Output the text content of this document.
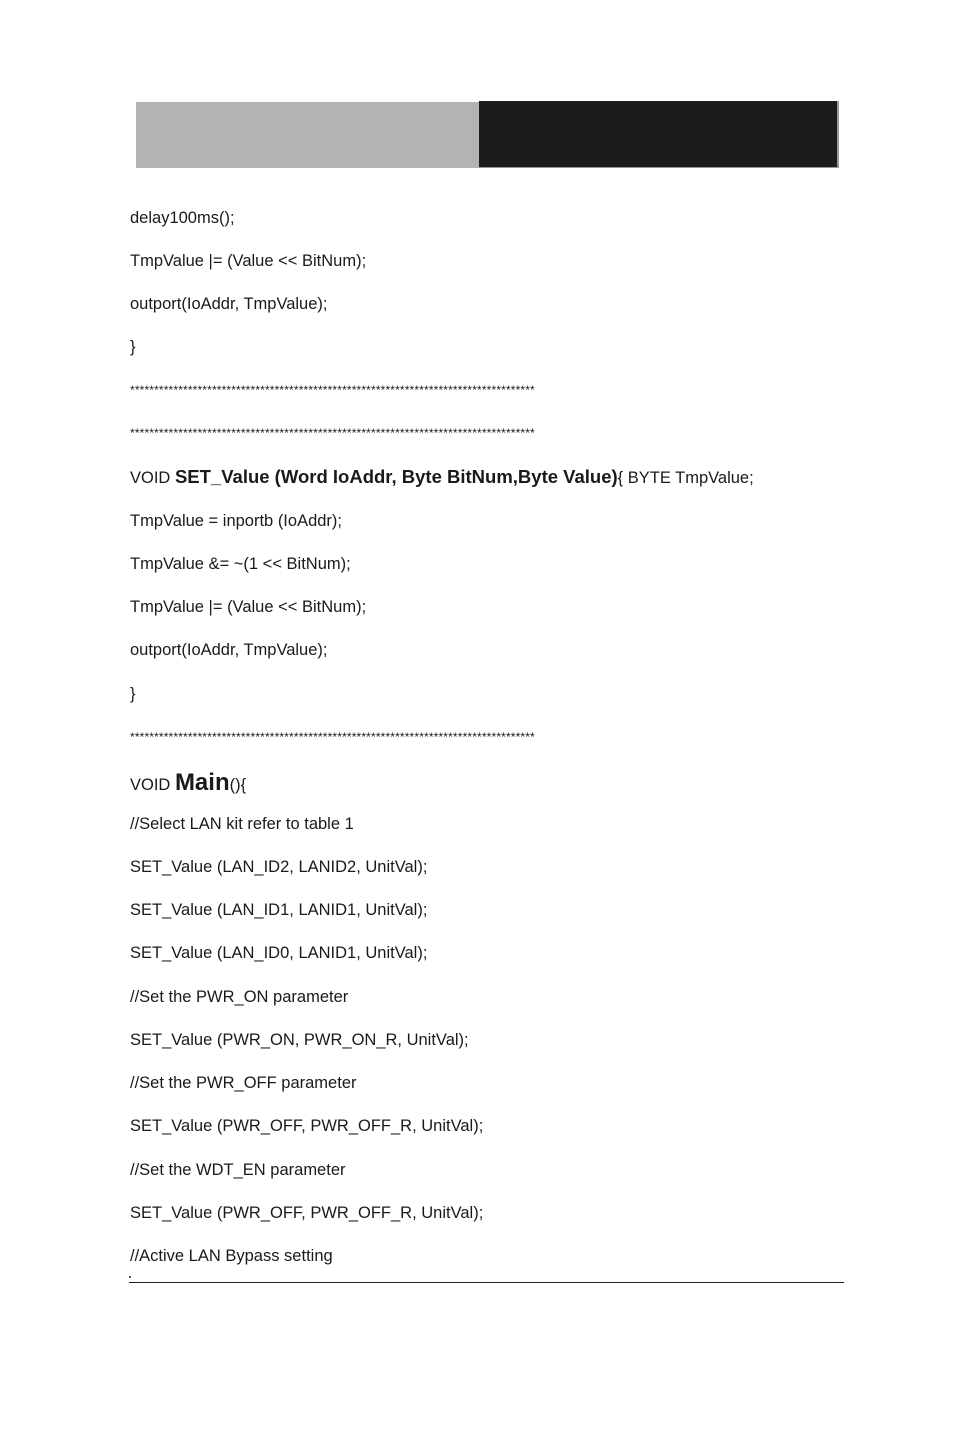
delay100ms();
TmpValue |= (Value << BitNum);
outport(IoAddr, TmpValue);
}
************************************************************************************
************************************************************************************
VOID SET_Value (Word IoAddr, Byte BitNum,Byte Value){ BYTE TmpValue;
TmpValue = inportb (IoAddr);
TmpValue &= ~(1 << BitNum);
TmpValue |= (Value << BitNum);
outport(IoAddr, TmpValue);
}
************************************************************************************
VOID Main(){
//Select LAN kit refer to table 1
SET_Value (LAN_ID2, LANID2, UnitVal);
SET_Value (LAN_ID1, LANID1, UnitVal);
SET_Value (LAN_ID0, LANID1, UnitVal);
//Set the PWR_ON parameter
SET_Value (PWR_ON, PWR_ON_R, UnitVal);
//Set the PWR_OFF parameter
SET_Value (PWR_OFF, PWR_OFF_R, UnitVal);
//Set the WDT_EN parameter
SET_Value (PWR_OFF, PWR_OFF_R, UnitVal);
//Active LAN Bypass setting
